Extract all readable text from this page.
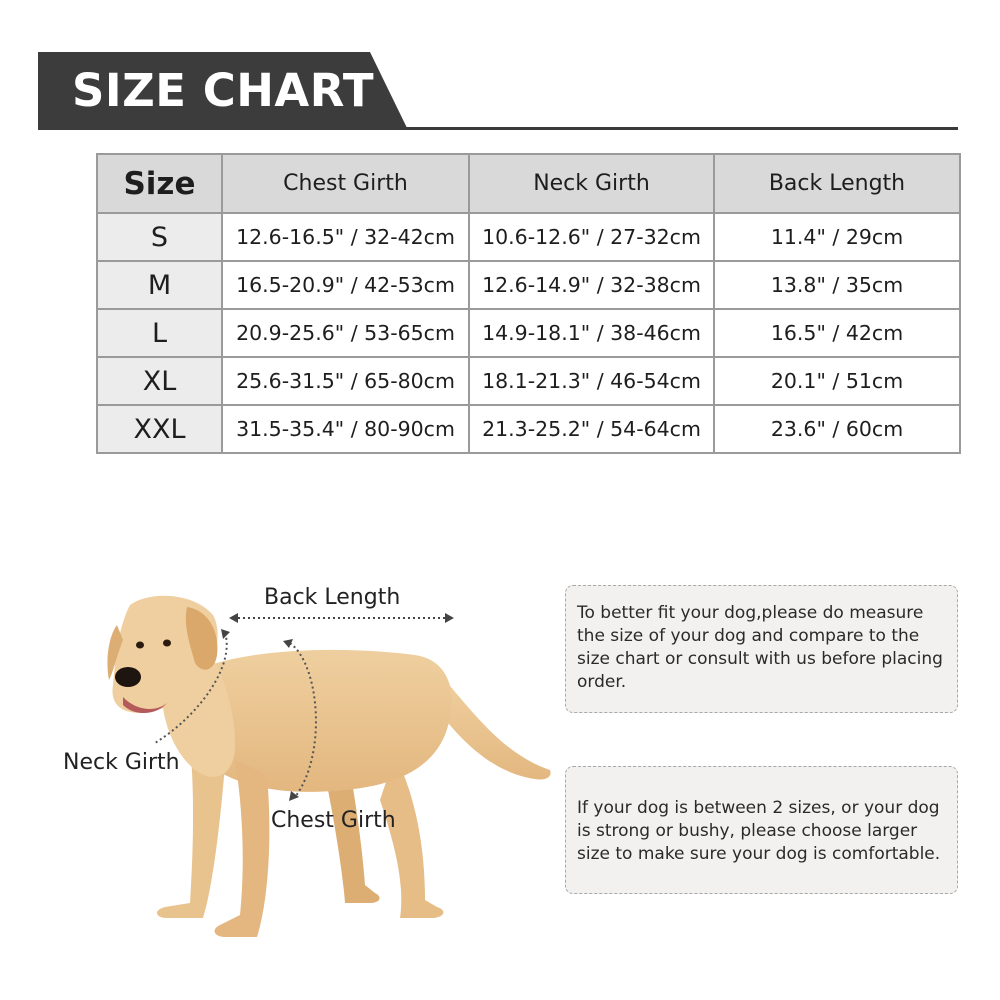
SIZE CHART
Size	Chest Girth	Neck Girth	Back Length
S	12.6-16.5" / 32-42cm	10.6-12.6" / 27-32cm	11.4" / 29cm
M	16.5-20.9" / 42-53cm	12.6-14.9" / 32-38cm	13.8" / 35cm
L	20.9-25.6" / 53-65cm	14.9-18.1" / 38-46cm	16.5" / 42cm
XL	25.6-31.5" / 65-80cm	18.1-21.3" / 46-54cm	20.1" / 51cm
XXL	31.5-35.4" / 80-90cm	21.3-25.2" / 54-64cm	23.6" / 60cm
Back Length
Neck Girth
Chest Girth
To better fit your dog,please do measure the size of your dog and compare to the size chart or consult with us before placing order.
If your dog is between 2 sizes, or your dog is strong or bushy, please choose larger size to make sure your dog is comfortable.
